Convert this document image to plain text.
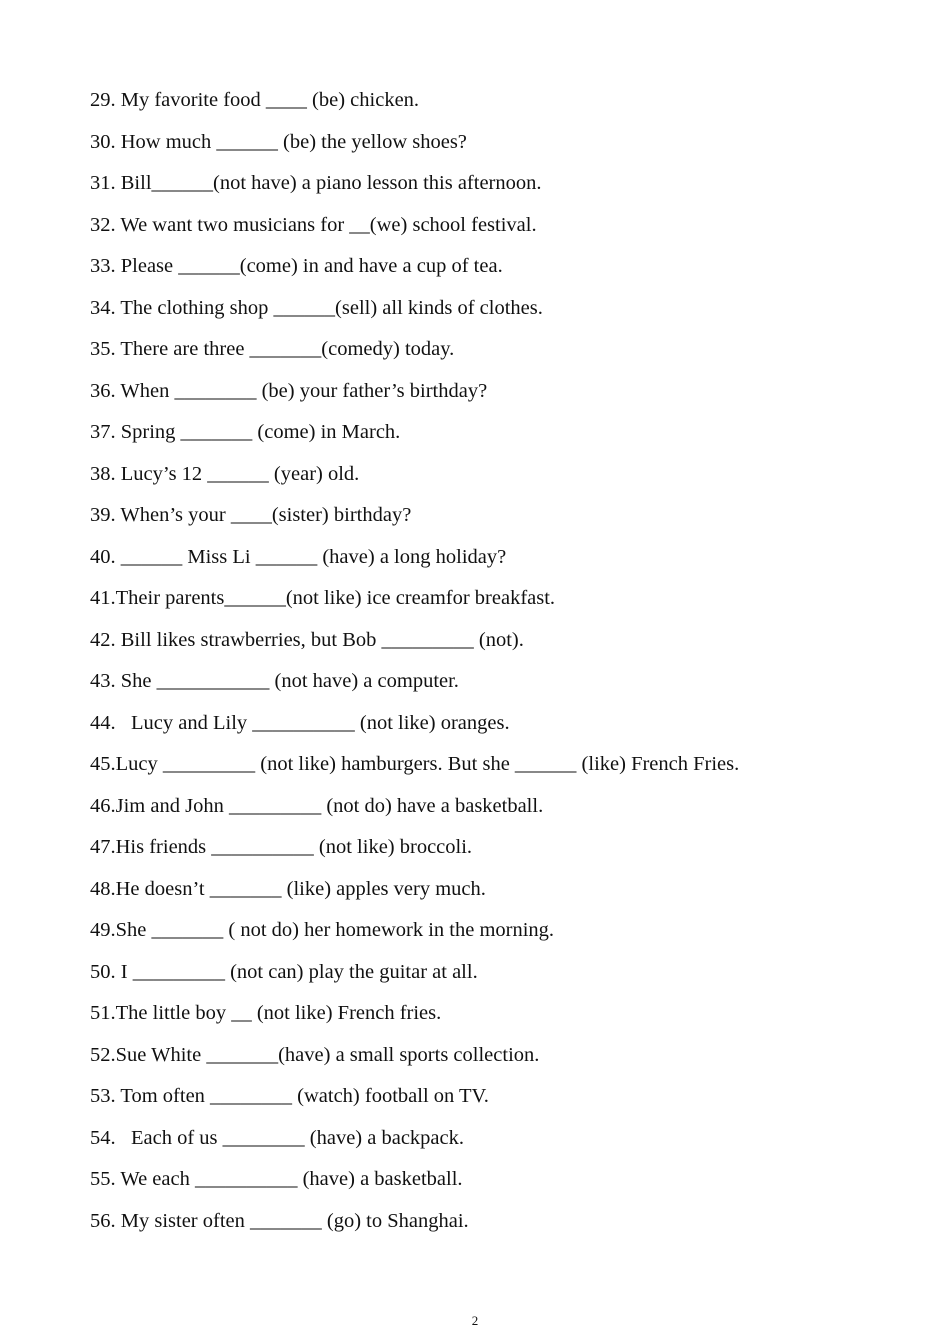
29. My favorite food ____ (be) chicken.
30. How much ______ (be) the yellow shoes?
31. Bill______(not have) a piano lesson this afternoon.
32. We want two musicians for __(we) school festival.
33. Please ______(come) in and have a cup of tea.
34. The clothing shop ______(sell) all kinds of clothes.
35. There are three _______(comedy) today.
36. When ________ (be) your father’s birthday?
37. Spring _______ (come) in March.
38. Lucy’s 12 ______ (year) old.
39. When’s your ____(sister) birthday?
40. ______ Miss Li ______ (have) a long holiday?
41.Their parents______(not like) ice creamfor breakfast.
42. Bill likes strawberries, but Bob _________ (not).
43. She ___________ (not have) a computer.
44.   Lucy and Lily __________ (not like) oranges.
45.Lucy _________ (not like) hamburgers. But she ______ (like) French Fries.
46.Jim and John _________ (not do) have a basketball.
47.His friends __________ (not like) broccoli.
48.He doesn’t _______ (like) apples very much.
49.She _______ ( not do) her homework in the morning.
50. I _________ (not can) play the guitar at all.
51.The little boy __ (not like) French fries.
52.Sue White _______(have) a small sports collection.
53. Tom often ________ (watch) football on TV.
54.   Each of us ________ (have) a backpack.
55. We each __________ (have) a basketball.
56. My sister often _______ (go) to Shanghai.
2
